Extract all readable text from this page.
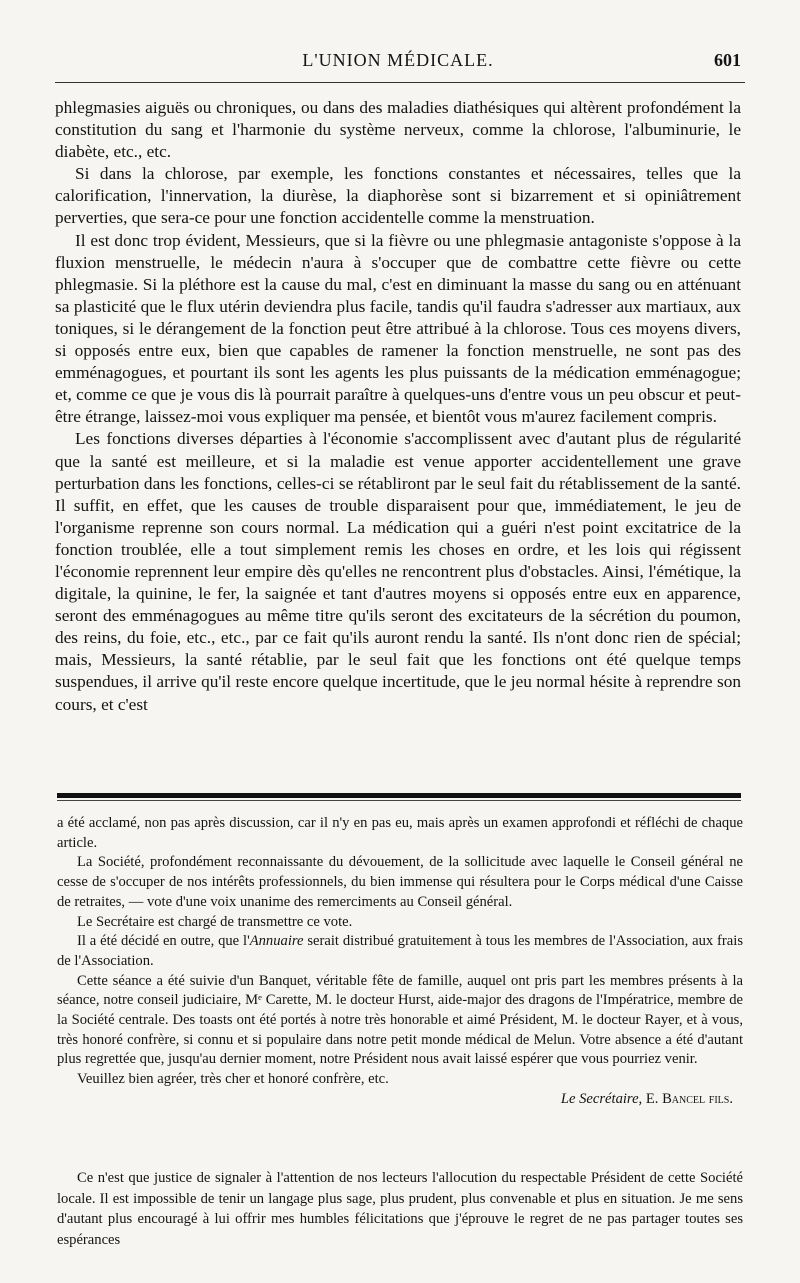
L'UNION MÉDICALE.	601

phlegmasies aiguës ou chroniques, ou dans des maladies diathésiques qui altèrent profondément la constitution du sang et l'harmonie du système nerveux, comme la chlorose, l'albuminurie, le diabète, etc., etc.

Si dans la chlorose, par exemple, les fonctions constantes et nécessaires, telles que la calorification, l'innervation, la diurèse, la diaphorèse sont si bizarrement et si opiniâtrement perverties, que sera-ce pour une fonction accidentelle comme la menstruation.

Il est donc trop évident, Messieurs, que si la fièvre ou une phlegmasie antagoniste s'oppose à la fluxion menstruelle, le médecin n'aura à s'occuper que de combattre cette fièvre ou cette phlegmasie. Si la pléthore est la cause du mal, c'est en diminuant la masse du sang ou en atténuant sa plasticité que le flux utérin deviendra plus facile, tandis qu'il faudra s'adresser aux martiaux, aux toniques, si le dérangement de la fonction peut être attribué à la chlorose. Tous ces moyens divers, si opposés entre eux, bien que capables de ramener la fonction menstruelle, ne sont pas des emménagogues, et pourtant ils sont les agents les plus puissants de la médication emménagogue; et, comme ce que je vous dis là pourrait paraître à quelques-uns d'entre vous un peu obscur et peut-être étrange, laissez-moi vous expliquer ma pensée, et bientôt vous m'aurez facilement compris.

Les fonctions diverses départies à l'économie s'accomplissent avec d'autant plus de régularité que la santé est meilleure, et si la maladie est venue apporter accidentellement une grave perturbation dans les fonctions, celles-ci se rétabliront par le seul fait du rétablissement de la santé. Il suffit, en effet, que les causes de trouble disparaisent pour que, immédiatement, le jeu de l'organisme reprenne son cours normal. La médication qui a guéri n'est point excitatrice de la fonction troublée, elle a tout simplement remis les choses en ordre, et les lois qui régissent l'économie reprennent leur empire dès qu'elles ne rencontrent plus d'obstacles. Ainsi, l'émétique, la digitale, la quinine, le fer, la saignée et tant d'autres moyens si opposés entre eux en apparence, seront des emménagogues au même titre qu'ils seront des excitateurs de la sécrétion du poumon, des reins, du foie, etc., etc., par ce fait qu'ils auront rendu la santé. Ils n'ont donc rien de spécial; mais, Messieurs, la santé rétablie, par le seul fait que les fonctions ont été quelque temps suspendues, il arrive qu'il reste encore quelque incertitude, que le jeu normal hésite à reprendre son cours, et c'est

a été acclamé, non pas après discussion, car il n'y en pas eu, mais après un examen approfondi et réfléchi de chaque article.

La Société, profondément reconnaissante du dévouement, de la sollicitude avec laquelle le Conseil général ne cesse de s'occuper de nos intérêts professionnels, du bien immense qui résultera pour le Corps médical d'une Caisse de retraites, — vote d'une voix unanime des remerciments au Conseil général.

Le Secrétaire est chargé de transmettre ce vote.

Il a été décidé en outre, que l'Annuaire serait distribué gratuitement à tous les membres de l'Association, aux frais de l'Association.

Cette séance a été suivie d'un Banquet, véritable fête de famille, auquel ont pris part les membres présents à la séance, notre conseil judiciaire, Mᵉ Carette, M. le docteur Hurst, aide-major des dragons de l'Impératrice, membre de la Société centrale. Des toasts ont été portés à notre très honorable et aimé Président, M. le docteur Rayer, et à vous, très honoré confrère, si connu et si populaire dans notre petit monde médical de Melun. Votre absence a été d'autant plus regrettée que, jusqu'au dernier moment, notre Président nous avait laissé espérer que vous pourriez venir.

Veuillez bien agréer, très cher et honoré confrère, etc.

Le Secrétaire, E. Bancel fils.

Ce n'est que justice de signaler à l'attention de nos lecteurs l'allocution du respectable Président de cette Société locale. Il est impossible de tenir un langage plus sage, plus prudent, plus convenable et plus en situation. Je me sens d'autant plus encouragé à lui offrir mes humbles félicitations que j'éprouve le regret de ne pas partager toutes ses espérances
